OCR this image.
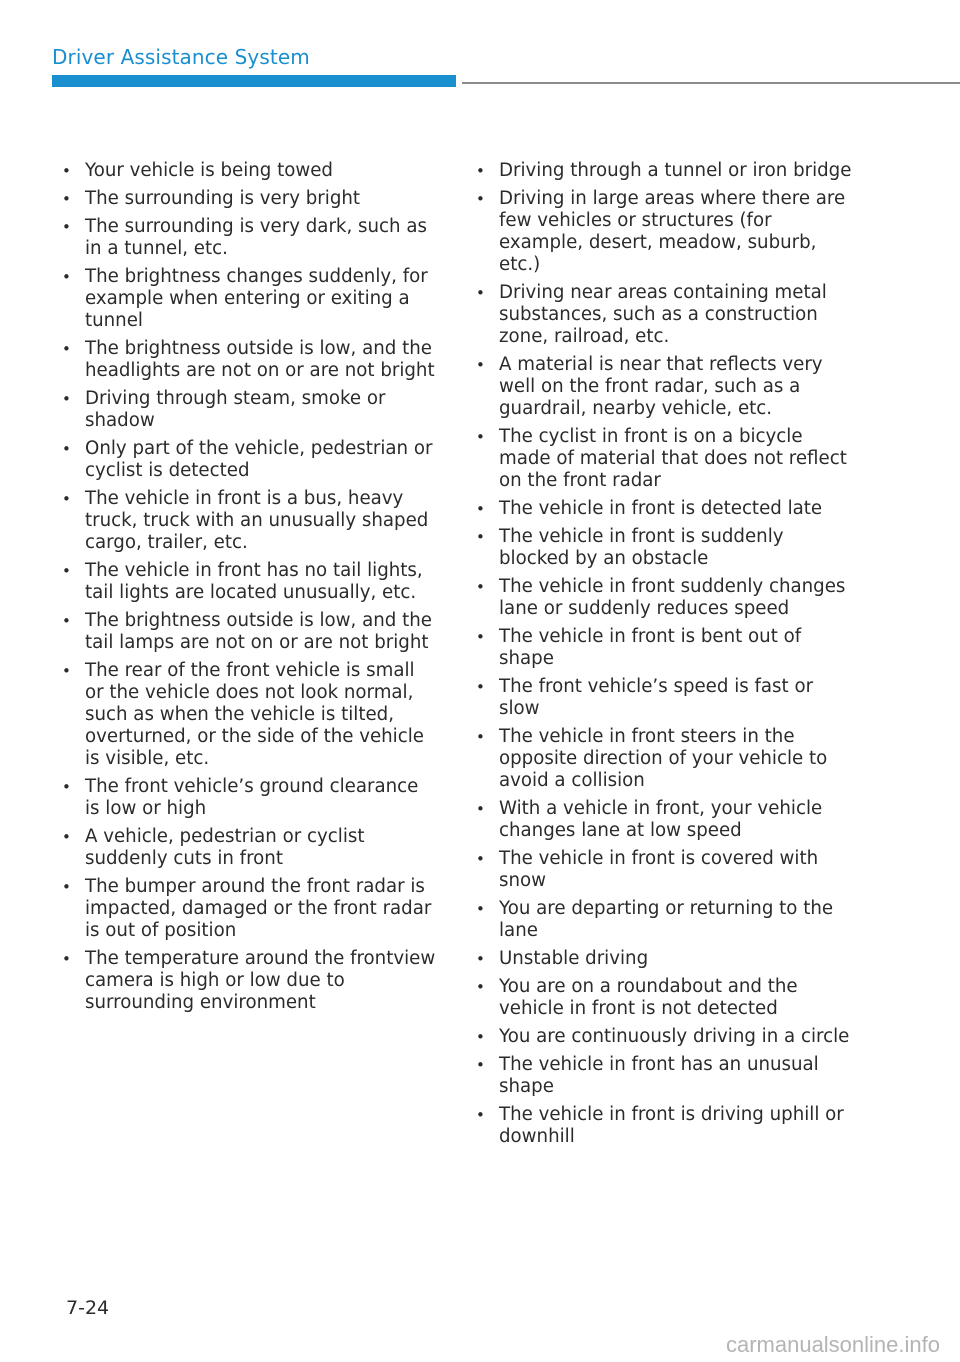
Driver Assistance System
• Your vehicle is being towed
• The surrounding is very bright
• The surrounding is very dark, such as in a tunnel, etc.
• The brightness changes suddenly, for example when entering or exiting a tunnel
• The brightness outside is low, and the headlights are not on or are not bright
• Driving through steam, smoke or shadow
• Only part of the vehicle, pedestrian or cyclist is detected
• The vehicle in front is a bus, heavy truck, truck with an unusually shaped cargo, trailer, etc.
• The vehicle in front has no tail lights, tail lights are located unusually, etc.
• The brightness outside is low, and the tail lamps are not on or are not bright
• The rear of the front vehicle is small or the vehicle does not look normal, such as when the vehicle is tilted, overturned, or the side of the vehicle is visible, etc.
• The front vehicle’s ground clearance is low or high
• A vehicle, pedestrian or cyclist suddenly cuts in front
• The bumper around the front radar is impacted, damaged or the front radar is out of position
• The temperature around the frontview camera is high or low due to surrounding environment
• Driving through a tunnel or iron bridge
• Driving in large areas where there are few vehicles or structures (for example, desert, meadow, suburb, etc.)
• Driving near areas containing metal substances, such as a construction zone, railroad, etc.
• A material is near that reflects very well on the front radar, such as a guardrail, nearby vehicle, etc.
• The cyclist in front is on a bicycle made of material that does not reflect on the front radar
• The vehicle in front is detected late
• The vehicle in front is suddenly blocked by an obstacle
• The vehicle in front suddenly changes lane or suddenly reduces speed
• The vehicle in front is bent out of shape
• The front vehicle’s speed is fast or slow
• The vehicle in front steers in the opposite direction of your vehicle to avoid a collision
• With a vehicle in front, your vehicle changes lane at low speed
• The vehicle in front is covered with snow
• You are departing or returning to the lane
• Unstable driving
• You are on a roundabout and the vehicle in front is not detected
• You are continuously driving in a circle
• The vehicle in front has an unusual shape
• The vehicle in front is driving uphill or downhill
7-24
carmanualsonline.info
